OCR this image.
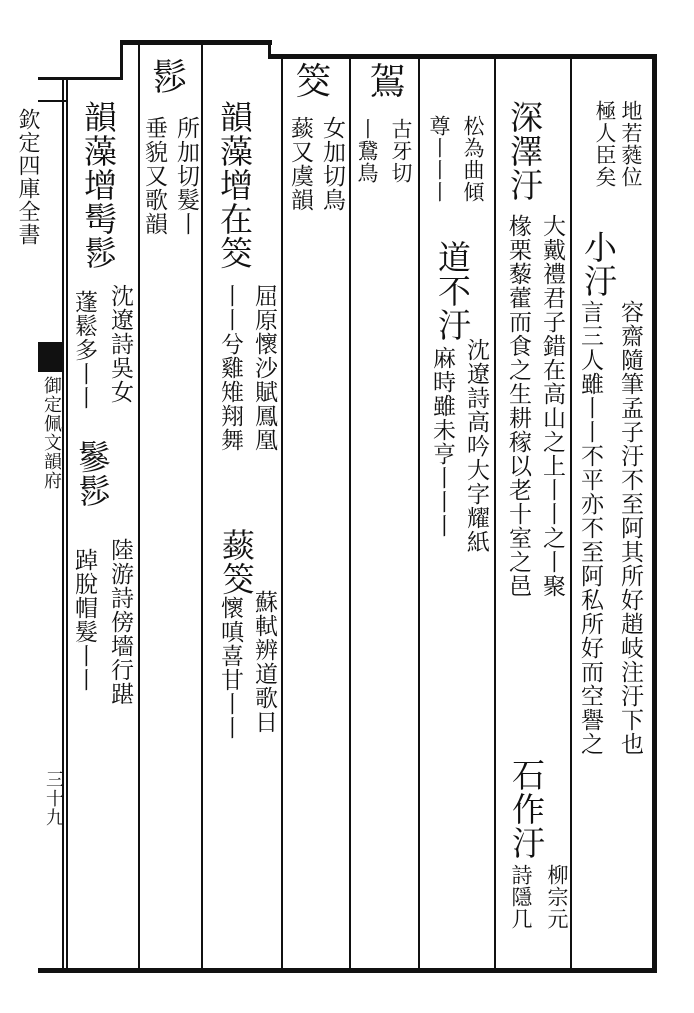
欽定四庫全書
御定佩文韻府
三十九
地若蕤位
極人臣矣
小汙
容齋隨筆孟子汙不至阿其所好趙岐注汙下也
言三人雖丨丨不平亦不至阿私所好而空譽之
深澤汙
大戴禮君子錯在高山之上丨丨之丨聚
椽栗藜藿而食之生耕稼以老十室之邑
石作汙
柳宗元
詩隱几
松為曲傾
尊丨丨丨
道不汙
沈遼詩高吟大字耀紙
麻時雖未亨丨丨丨
鴐
古牙切
丨鵞鳥
筊
女加切鳥
䕭又虞韻
韻藻增在筊
屈原懷沙賦鳳凰
丨丨兮雞雉翔舞
䕭筊
蘇軾辨道歌日
懷嗔喜甘丨丨
髿
所加切髮丨
垂貌又歌韻
韻藻增髩髿
沈遼詩吳女
蓬鬆多丨丨
鬖髿
陸游詩傍墻行踸
踔脫帽髮丨丨
